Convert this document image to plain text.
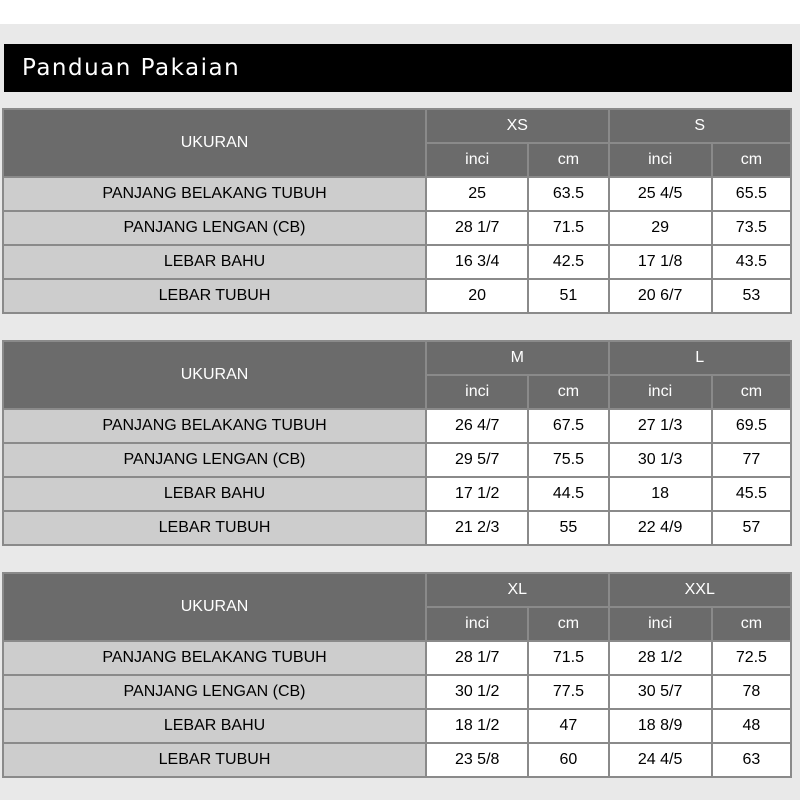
Panduan Pakaian
UKURAN	XS		S	
	inci	cm	inci	cm
PANJANG BELAKANG TUBUH	25	63.5	25 4/5	65.5
PANJANG LENGAN (CB)	28 1/7	71.5	29	73.5
LEBAR BAHU	16 3/4	42.5	17 1/8	43.5
LEBAR TUBUH	20	51	20 6/7	53
UKURAN	M		L	
	inci	cm	inci	cm
PANJANG BELAKANG TUBUH	26 4/7	67.5	27 1/3	69.5
PANJANG LENGAN (CB)	29 5/7	75.5	30 1/3	77
LEBAR BAHU	17 1/2	44.5	18	45.5
LEBAR TUBUH	21 2/3	55	22 4/9	57
UKURAN	XL		XXL	
	inci	cm	inci	cm
PANJANG BELAKANG TUBUH	28 1/7	71.5	28 1/2	72.5
PANJANG LENGAN (CB)	30 1/2	77.5	30 5/7	78
LEBAR BAHU	18 1/2	47	18 8/9	48
LEBAR TUBUH	23 5/8	60	24 4/5	63
